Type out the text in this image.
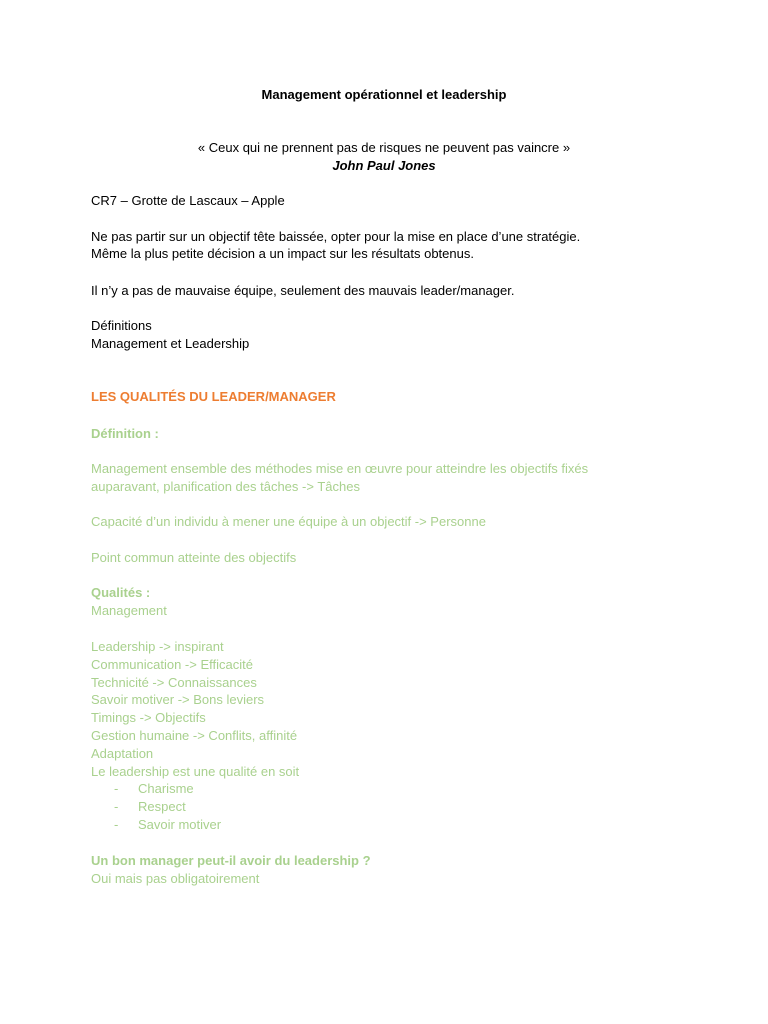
Management opérationnel et leadership
« Ceux qui ne prennent pas de risques ne peuvent pas vaincre »
John Paul Jones
CR7 – Grotte de Lascaux – Apple
Ne pas partir sur un objectif tête baissée, opter pour la mise en place d’une stratégie.
Même la plus petite décision a un impact sur les résultats obtenus.
Il n’y a pas de mauvaise équipe, seulement des mauvais leader/manager.
Définitions
Management et Leadership
LES QUALITÉS DU LEADER/MANAGER
Définition :
Management ensemble des méthodes mise en œuvre pour atteindre les objectifs fixés
auparavant, planification des tâches -> Tâches
Capacité d’un individu à mener une équipe à un objectif -> Personne
Point commun atteinte des objectifs
Qualités :
Management
Leadership -> inspirant
Communication -> Efficacité
Technicité -> Connaissances
Savoir motiver -> Bons leviers
Timings -> Objectifs
Gestion humaine -> Conflits, affinité
Adaptation
Le leadership est une qualité en soit
- Charisme
- Respect
- Savoir motiver
Un bon manager peut-il avoir du leadership ?
Oui mais pas obligatoirement
